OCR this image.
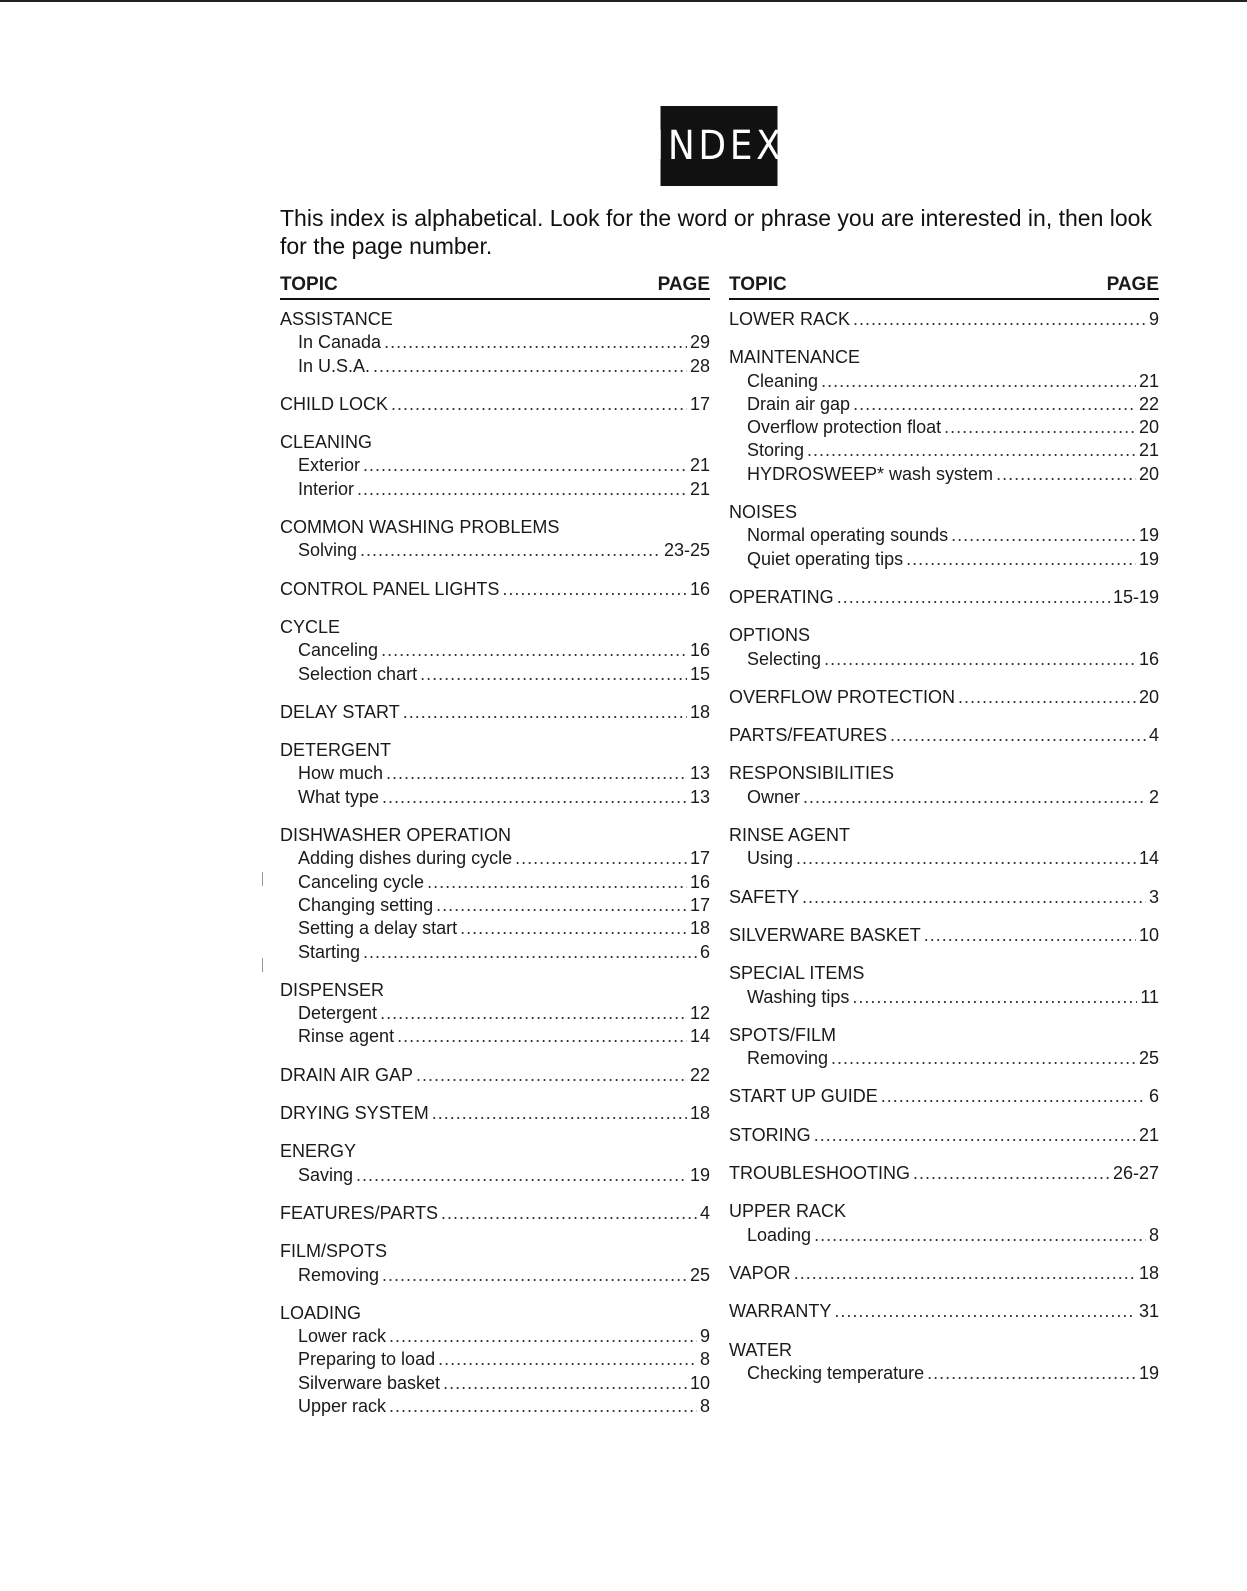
INDEX
This index is alphabetical. Look for the word or phrase you are interested in, then look for the page number.
TOPIC	PAGE
ASSISTANCE
In Canada .....	29
In U.S.A. .....	28
CHILD LOCK .....	17
CLEANING
Exterior .....	21
Interior .....	21
COMMON WASHING PROBLEMS
Solving .....	23-25
CONTROL PANEL LIGHTS .....	16
CYCLE
Canceling .....	16
Selection chart .....	15
DELAY START .....	18
DETERGENT
How much .....	13
What type .....	13
DISHWASHER OPERATION
Adding dishes during cycle .....	17
Canceling cycle .....	16
Changing setting .....	17
Setting a delay start .....	18
Starting .....	6
DISPENSER
Detergent .....	12
Rinse agent .....	14
DRAIN AIR GAP .....	22
DRYING SYSTEM .....	18
ENERGY
Saving .....	19
FEATURES/PARTS .....	4
FILM/SPOTS
Removing .....	25
LOADING
Lower rack .....	9
Preparing to load .....	8
Silverware basket .....	10
Upper rack .....	8
TOPIC	PAGE
LOWER RACK .....	9
MAINTENANCE
Cleaning .....	21
Drain air gap .....	22
Overflow protection float .....	20
Storing .....	21
HYDROSWEEP* wash system .....	20
NOISES
Normal operating sounds .....	19
Quiet operating tips .....	19
OPERATING .....	15-19
OPTIONS
Selecting .....	16
OVERFLOW PROTECTION .....	20
PARTS/FEATURES .....	4
RESPONSIBILITIES
Owner .....	2
RINSE AGENT
Using .....	14
SAFETY .....	3
SILVERWARE BASKET .....	10
SPECIAL ITEMS
Washing tips .....	11
SPOTS/FILM
Removing .....	25
START UP GUIDE .....	6
STORING .....	21
TROUBLESHOOTING .....	26-27
UPPER RACK
Loading .....	8
VAPOR .....	18
WARRANTY .....	31
WATER
Checking temperature .....	19
